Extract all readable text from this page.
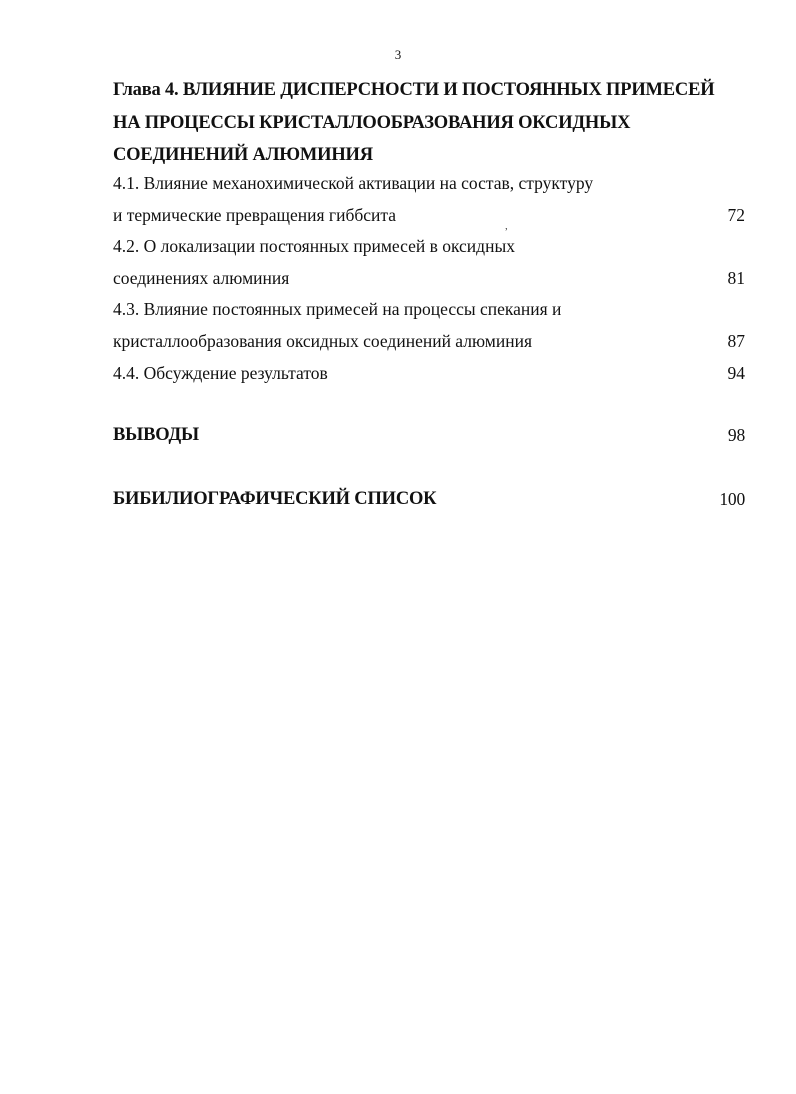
3
Глава 4. ВЛИЯНИЕ ДИСПЕРСНОСТИ И ПОСТОЯННЫХ ПРИМЕСЕЙ
НА ПРОЦЕССЫ КРИСТАЛЛООБРАЗОВАНИЯ ОКСИДНЫХ
СОЕДИНЕНИЙ АЛЮМИНИЯ
4.1. Влияние механохимической активации на состав, структуру
и термические превращения гиббсита	72
,
4.2. О локализации постоянных примесей в оксидных
соединениях алюминия	81
4.3. Влияние постоянных примесей на процессы спекания и
кристаллообразования оксидных соединений алюминия	87
4.4. Обсуждение результатов	94
ВЫВОДЫ	98
БИБИЛИОГРАФИЧЕСКИЙ СПИСОК	100
